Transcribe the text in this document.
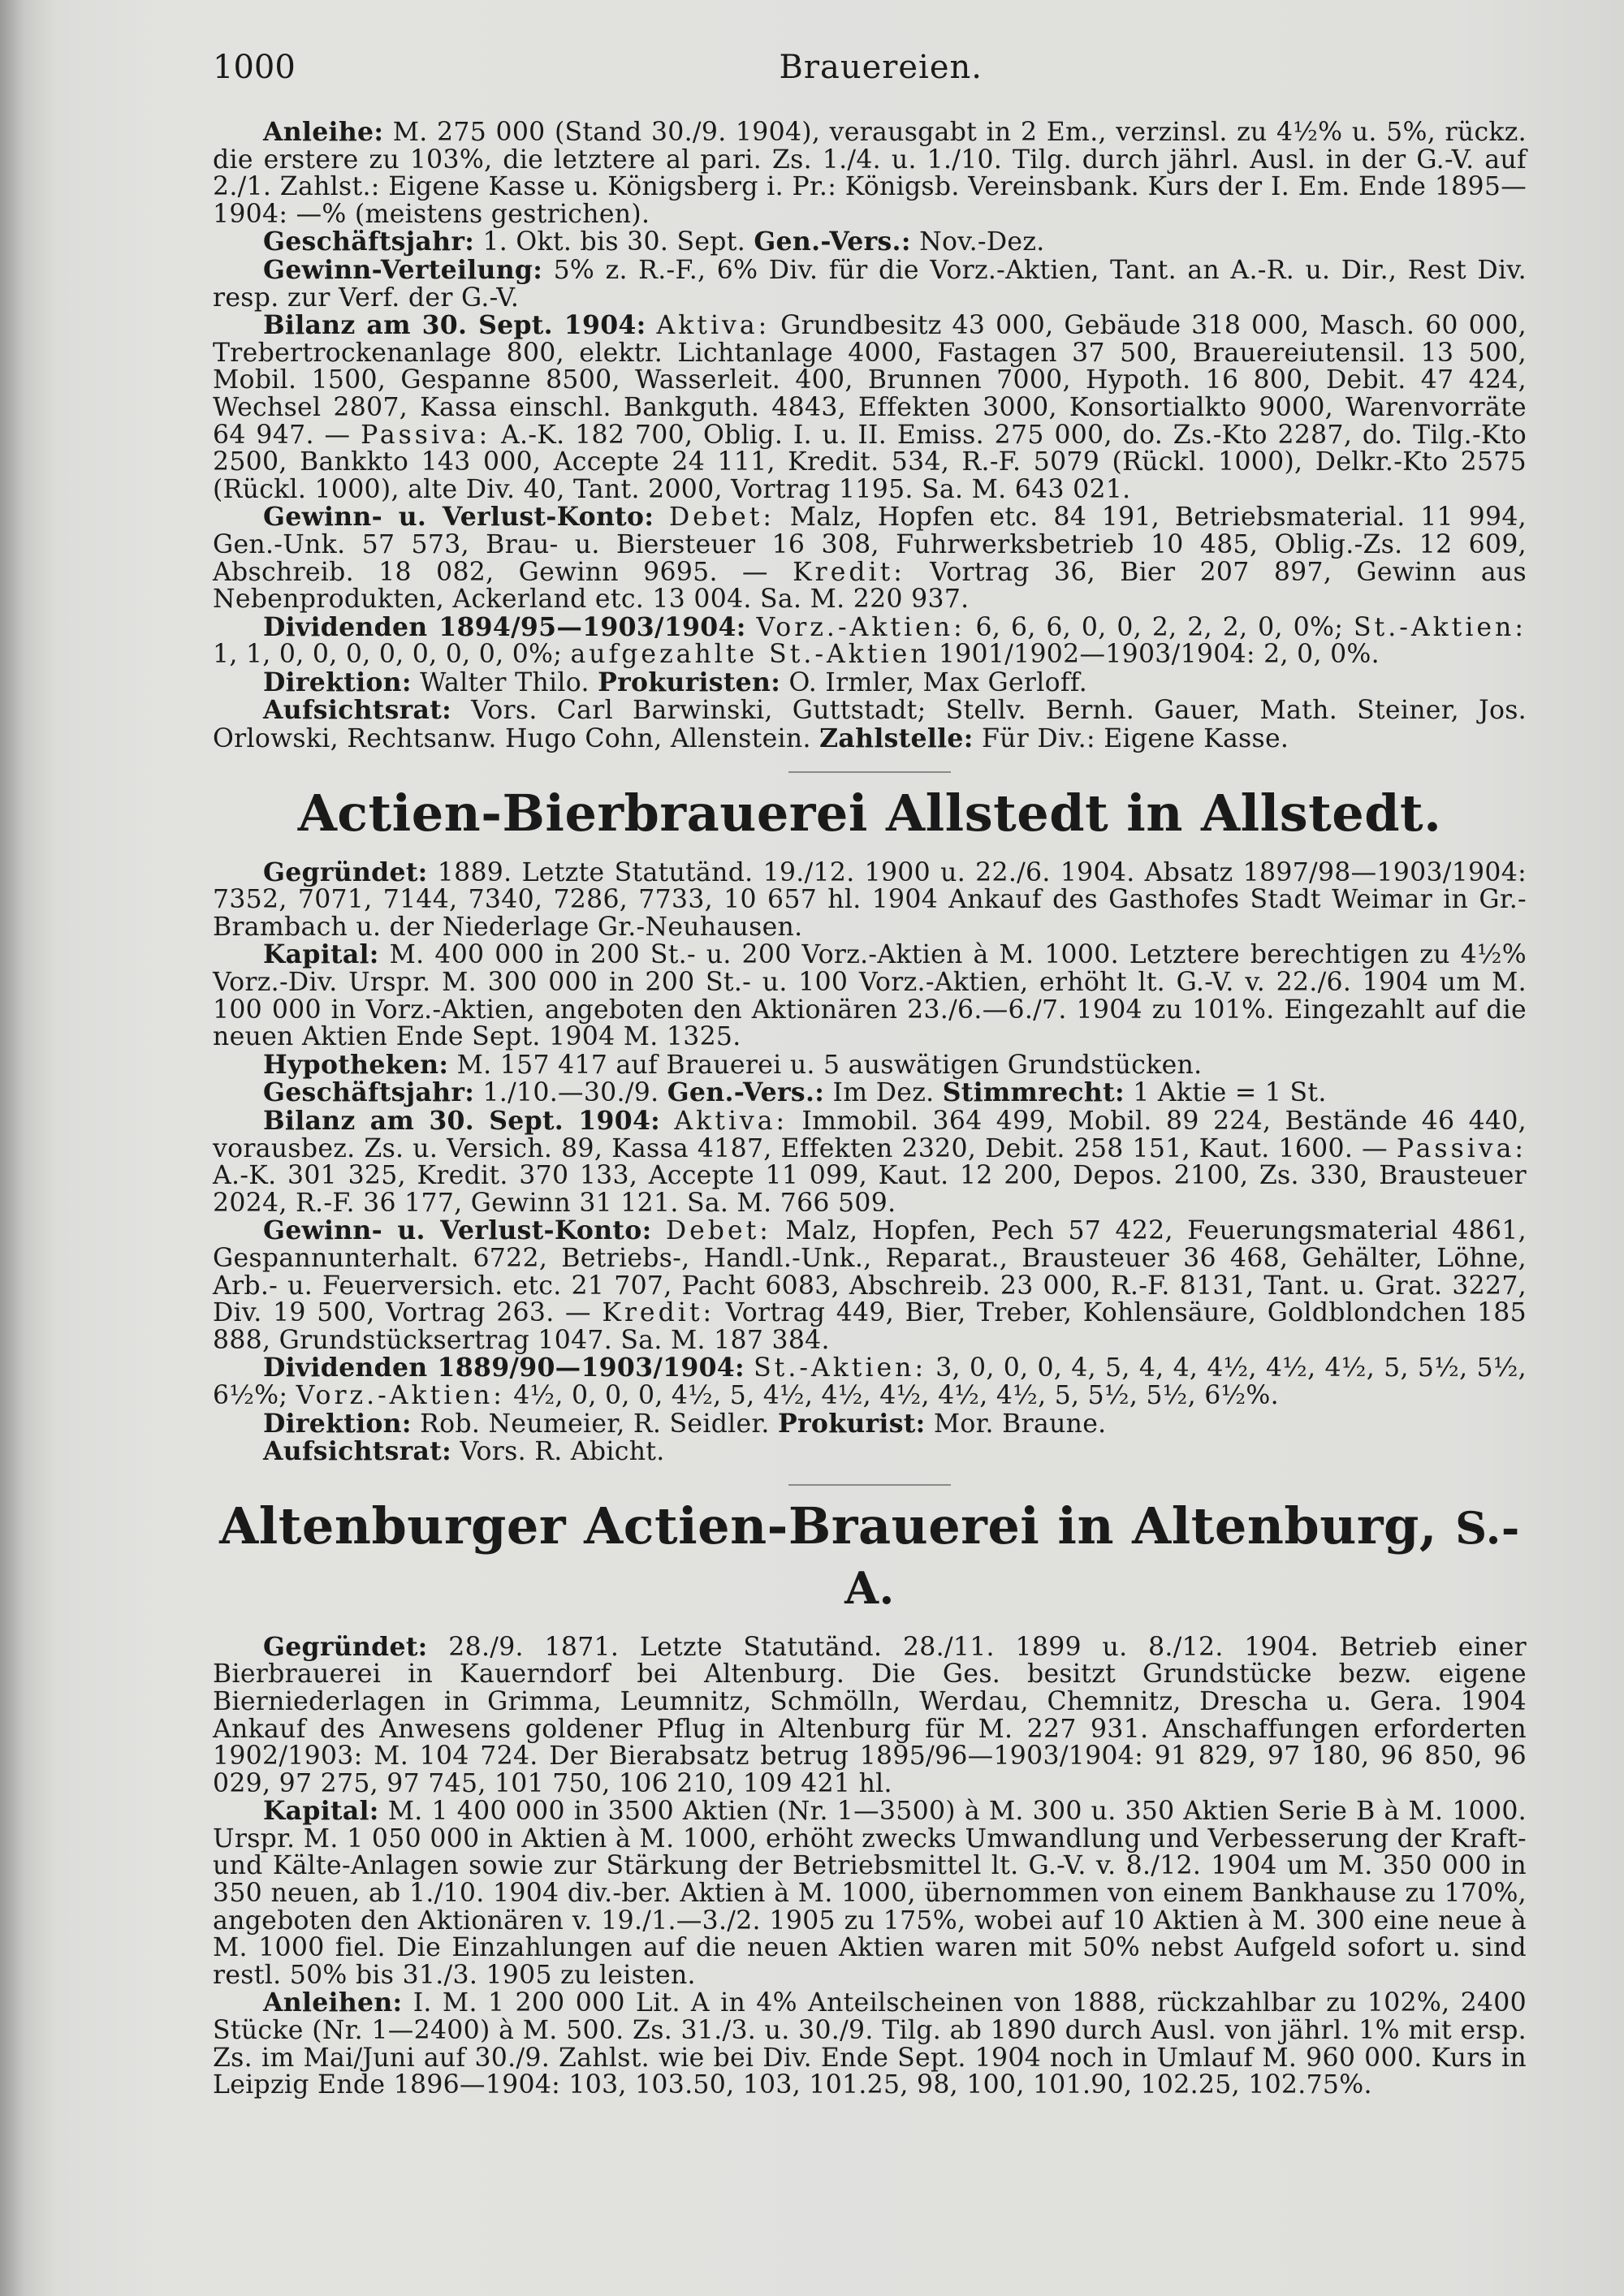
1000	Brauereien.

Anleihe: M. 275 000 (Stand 30./9. 1904), verausgabt in 2 Em., verzinsl. zu 4½% u. 5%, rückz. die erstere zu 103%, die letztere al pari. Zs. 1./4. u. 1./10. Tilg. durch jährl. Ausl. in der G.-V. auf 2./1. Zahlst.: Eigene Kasse u. Königsberg i. Pr.: Königsb. Vereinsbank. Kurs der I. Em. Ende 1895—1904: —% (meistens gestrichen).

Geschäftsjahr: 1. Okt. bis 30. Sept. Gen.-Vers.: Nov.-Dez.

Gewinn-Verteilung: 5% z. R.-F., 6% Div. für die Vorz.-Aktien, Tant. an A.-R. u. Dir., Rest Div. resp. zur Verf. der G.-V.

Bilanz am 30. Sept. 1904: Aktiva: Grundbesitz 43 000, Gebäude 318 000, Masch. 60 000, Trebertrockenanlage 800, elektr. Lichtanlage 4000, Fastagen 37 500, Brauereiutensil. 13 500, Mobil. 1500, Gespanne 8500, Wasserleit. 400, Brunnen 7000, Hypoth. 16 800, Debit. 47 424, Wechsel 2807, Kassa einschl. Bankguth. 4843, Effekten 3000, Konsortialkto 9000, Warenvorräte 64 947. — Passiva: A.-K. 182 700, Oblig. I. u. II. Emiss. 275 000, do. Zs.-Kto 2287, do. Tilg.-Kto 2500, Bankkto 143 000, Accepte 24 111, Kredit. 534, R.-F. 5079 (Rückl. 1000), Delkr.-Kto 2575 (Rückl. 1000), alte Div. 40, Tant. 2000, Vortrag 1195. Sa. M. 643 021.

Gewinn- u. Verlust-Konto: Debet: Malz, Hopfen etc. 84 191, Betriebsmaterial. 11 994, Gen.-Unk. 57 573, Brau- u. Biersteuer 16 308, Fuhrwerksbetrieb 10 485, Oblig.-Zs. 12 609, Abschreib. 18 082, Gewinn 9695. — Kredit: Vortrag 36, Bier 207 897, Gewinn aus Nebenprodukten, Ackerland etc. 13 004. Sa. M. 220 937.

Dividenden 1894/95—1903/1904: Vorz.-Aktien: 6, 6, 6, 0, 0, 2, 2, 2, 0, 0%; St.-Aktien: 1, 1, 0, 0, 0, 0, 0, 0, 0, 0%; aufgezahlte St.-Aktien 1901/1902—1903/1904: 2, 0, 0%.

Direktion: Walter Thilo. Prokuristen: O. Irmler, Max Gerloff.

Aufsichtsrat: Vors. Carl Barwinski, Guttstadt; Stellv. Bernh. Gauer, Math. Steiner, Jos. Orlowski, Rechtsanw. Hugo Cohn, Allenstein. Zahlstelle: Für Div.: Eigene Kasse.

Actien-Bierbrauerei Allstedt in Allstedt.

Gegründet: 1889. Letzte Statutänd. 19./12. 1900 u. 22./6. 1904. Absatz 1897/98—1903/1904: 7352, 7071, 7144, 7340, 7286, 7733, 10 657 hl. 1904 Ankauf des Gasthofes Stadt Weimar in Gr.-Brambach u. der Niederlage Gr.-Neuhausen.

Kapital: M. 400 000 in 200 St.- u. 200 Vorz.-Aktien à M. 1000. Letztere berechtigen zu 4½% Vorz.-Div. Urspr. M. 300 000 in 200 St.- u. 100 Vorz.-Aktien, erhöht lt. G.-V. v. 22./6. 1904 um M. 100 000 in Vorz.-Aktien, angeboten den Aktionären 23./6.—6./7. 1904 zu 101%. Eingezahlt auf die neuen Aktien Ende Sept. 1904 M. 1325.

Hypotheken: M. 157 417 auf Brauerei u. 5 auswätigen Grundstücken.

Geschäftsjahr: 1./10.—30./9. Gen.-Vers.: Im Dez. Stimmrecht: 1 Aktie = 1 St.

Bilanz am 30. Sept. 1904: Aktiva: Immobil. 364 499, Mobil. 89 224, Bestände 46 440, vorausbez. Zs. u. Versich. 89, Kassa 4187, Effekten 2320, Debit. 258 151, Kaut. 1600. — Passiva: A.-K. 301 325, Kredit. 370 133, Accepte 11 099, Kaut. 12 200, Depos. 2100, Zs. 330, Brausteuer 2024, R.-F. 36 177, Gewinn 31 121. Sa. M. 766 509.

Gewinn- u. Verlust-Konto: Debet: Malz, Hopfen, Pech 57 422, Feuerungsmaterial 4861, Gespannunterhalt. 6722, Betriebs-, Handl.-Unk., Reparat., Brausteuer 36 468, Gehälter, Löhne, Arb.- u. Feuerversich. etc. 21 707, Pacht 6083, Abschreib. 23 000, R.-F. 8131, Tant. u. Grat. 3227, Div. 19 500, Vortrag 263. — Kredit: Vortrag 449, Bier, Treber, Kohlensäure, Goldblondchen 185 888, Grundstücksertrag 1047. Sa. M. 187 384.

Dividenden 1889/90—1903/1904: St.-Aktien: 3, 0, 0, 0, 4, 5, 4, 4, 4½, 4½, 4½, 5, 5½, 5½, 6½%; Vorz.-Aktien: 4½, 0, 0, 0, 4½, 5, 4½, 4½, 4½, 4½, 4½, 5, 5½, 5½, 6½%.

Direktion: Rob. Neumeier, R. Seidler. Prokurist: Mor. Braune.

Aufsichtsrat: Vors. R. Abicht.

Altenburger Actien-Brauerei in Altenburg, S.-A.

Gegründet: 28./9. 1871. Letzte Statutänd. 28./11. 1899 u. 8./12. 1904. Betrieb einer Bierbrauerei in Kauerndorf bei Altenburg. Die Ges. besitzt Grundstücke bezw. eigene Bierniederlagen in Grimma, Leumnitz, Schmölln, Werdau, Chemnitz, Drescha u. Gera. 1904 Ankauf des Anwesens goldener Pflug in Altenburg für M. 227 931. Anschaffungen erforderten 1902/1903: M. 104 724. Der Bierabsatz betrug 1895/96—1903/1904: 91 829, 97 180, 96 850, 96 029, 97 275, 97 745, 101 750, 106 210, 109 421 hl.

Kapital: M. 1 400 000 in 3500 Aktien (Nr. 1—3500) à M. 300 u. 350 Aktien Serie B à M. 1000. Urspr. M. 1 050 000 in Aktien à M. 1000, erhöht zwecks Umwandlung und Verbesserung der Kraft- und Kälte-Anlagen sowie zur Stärkung der Betriebsmittel lt. G.-V. v. 8./12. 1904 um M. 350 000 in 350 neuen, ab 1./10. 1904 div.-ber. Aktien à M. 1000, übernommen von einem Bankhause zu 170%, angeboten den Aktionären v. 19./1.—3./2. 1905 zu 175%, wobei auf 10 Aktien à M. 300 eine neue à M. 1000 fiel. Die Einzahlungen auf die neuen Aktien waren mit 50% nebst Aufgeld sofort u. sind restl. 50% bis 31./3. 1905 zu leisten.

Anleihen: I. M. 1 200 000 Lit. A in 4% Anteilscheinen von 1888, rückzahlbar zu 102%, 2400 Stücke (Nr. 1—2400) à M. 500. Zs. 31./3. u. 30./9. Tilg. ab 1890 durch Ausl. von jährl. 1% mit ersp. Zs. im Mai/Juni auf 30./9. Zahlst. wie bei Div. Ende Sept. 1904 noch in Umlauf M. 960 000. Kurs in Leipzig Ende 1896—1904: 103, 103.50, 103, 101.25, 98, 100, 101.90, 102.25, 102.75%.
